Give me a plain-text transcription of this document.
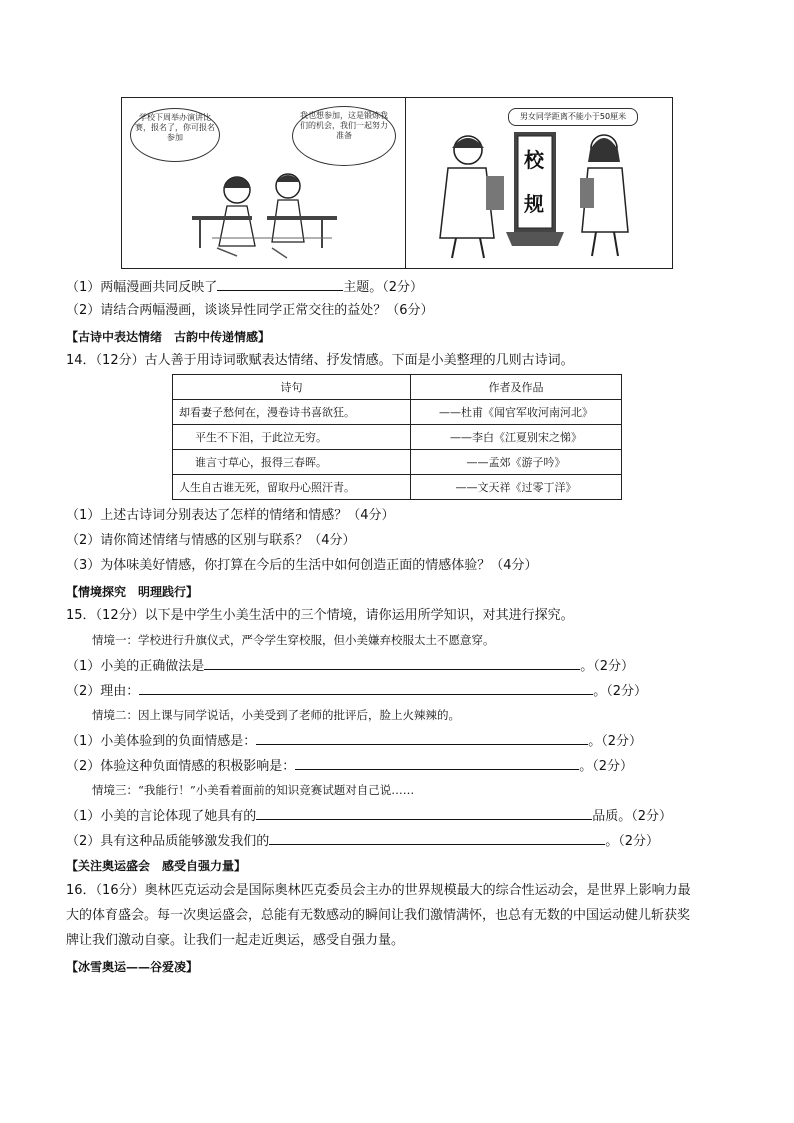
学校下周举办演讲比赛，报名了，你可报名参加
我也想参加，这是锻炼我们的机会，我们一起努力准备
男女同学距离不能小于50厘米
校
规
（1）两幅漫画共同反映了	主题。（2分）
（2）请结合两幅漫画，谈谈异性同学正常交往的益处？（6分）
【古诗中表达情绪　古韵中传递情感】
14．（12分）古人善于用诗词歌赋表达情绪、抒发情感。下面是小美整理的几则古诗词。
诗句	作者及作品
却看妻子愁何在，漫卷诗书喜欲狂。	——杜甫《闻官军收河南河北》
平生不下泪，于此泣无穷。	——李白《江夏别宋之悌》
谁言寸草心，报得三春晖。	——孟郊《游子吟》
人生自古谁无死，留取丹心照汗青。	——文天祥《过零丁洋》
（1）上述古诗词分别表达了怎样的情绪和情感？（4分）
（2）请你简述情绪与情感的区别与联系？（4分）
（3）为体味美好情感，你打算在今后的生活中如何创造正面的情感体验？（4分）
【情境探究　明理践行】
15．（12分）以下是中学生小美生活中的三个情境，请你运用所学知识，对其进行探究。
情境一：学校进行升旗仪式，严令学生穿校服，但小美嫌弃校服太土不愿意穿。
（1）小美的正确做法是	。（2分）
（2）理由：	。（2分）
情境二：因上课与同学说话，小美受到了老师的批评后，脸上火辣辣的。
（1）小美体验到的负面情感是：	。（2分）
（2）体验这种负面情感的积极影响是：	。（2分）
情境三：“我能行！”小美看着面前的知识竞赛试题对自己说……
（1）小美的言论体现了她具有的	品质。（2分）
（2）具有这种品质能够激发我们的	。（2分）
【关注奥运盛会　感受自强力量】
16．（16分）奥林匹克运动会是国际奥林匹克委员会主办的世界规模最大的综合性运动会，是世界上影响力最
大的体育盛会。每一次奥运盛会，总能有无数感动的瞬间让我们激情满怀，也总有无数的中国运动健儿斩获奖
牌让我们激动自豪。让我们一起走近奥运，感受自强力量。
【冰雪奥运——谷爱凌】
